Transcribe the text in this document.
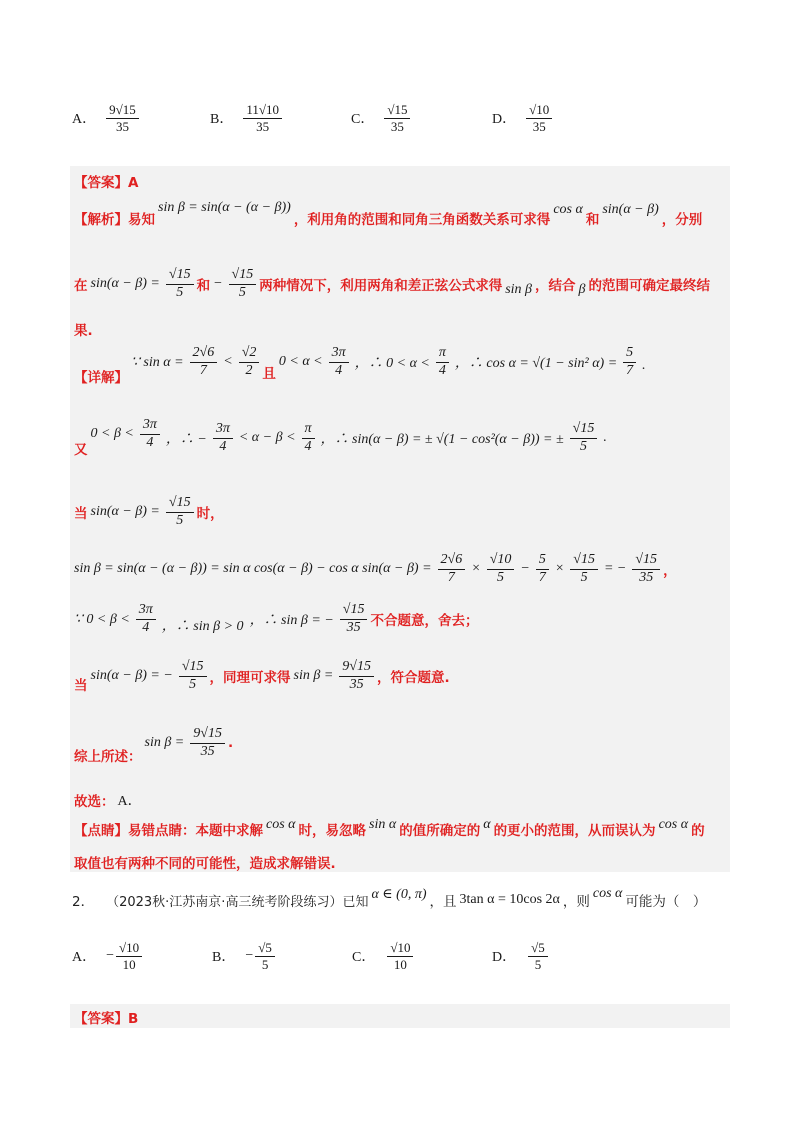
A． $\frac{9√15}{35}$	B． $\frac{11√10}{35}$	C． $\frac{√15}{35}$	D． $\frac{√10}{35}$
【答案】A
【解析】易知
sin β = sin(α − (α − β))
，利用角的范围和同角三角函数关系可求得
cos α
和
sin(α − β)
，分别
在 $\sin(\alpha - \beta) = \frac{√15}{5}$ 和 − $\frac{√15}{5}$ 两种情况下，利用两角和差正弦公式求得 sin β ，结合 β 的范围可确定最终结
果.
【详解】
∵ $\sin \alpha = \frac{2√6}{7} < \frac{√2}{2}$ 且
$0 < \alpha < \frac{3\pi}{4}$ ，∴ $0 < \alpha < \frac{\pi}{4}$ ，∴ cos α = √(1 − sin² $\alpha) = \frac{5}{7}$ .
又
$0 < \beta < \frac{3\pi}{4}$ ，∴ − $\frac{3\pi}{4} < \alpha - \beta < \frac{\pi}{4}$ ，∴ sin(α − β) = ± √(1 − cos²(α − β)) = ± $\frac{√15}{5}$ .
当 $\sin(\alpha - \beta) = \frac{√15}{5}$ 时，
sin β = sin(α − (α − β)) = sin α cos(α − β) − cos α $\sin(\alpha - \beta) = \frac{2√6}{7} \times \frac{√10}{5} - \frac{5}{7} \times \frac{√15}{5}$ = − $\frac{√15}{35}$ ，
∵ $0 < \beta < \frac{3\pi}{4}$ ，∴ sin β > 0 ，∴ sin β = − $\frac{√15}{35}$ 不合题意，舍去；
当
sin(α − β) = − $\frac{√15}{5}$ ，同理可求得 $\sin \beta = \frac{9√15}{35}$ ，符合题意.
综上所述：
$\sin \beta = \frac{9√15}{35}$ .
故选： A．
【点睛】易错点睛：本题中求解 cos α 时，易忽略 sin α 的值所确定的 α 的更小的范围，从而误认为 cos α 的
取值也有两种不同的可能性，造成求解错误.
2． （2023秋·江苏南京·高三统考阶段练习）已知
α ∈ (0, π) ，且 3tan α = 10cos 2α ，则
cos α
可能为（　）
A． − $\frac{√10}{10}$	B． − $\frac{√5}{5}$	C． $\frac{√10}{10}$	D． $\frac{√5}{5}$
【答案】B
